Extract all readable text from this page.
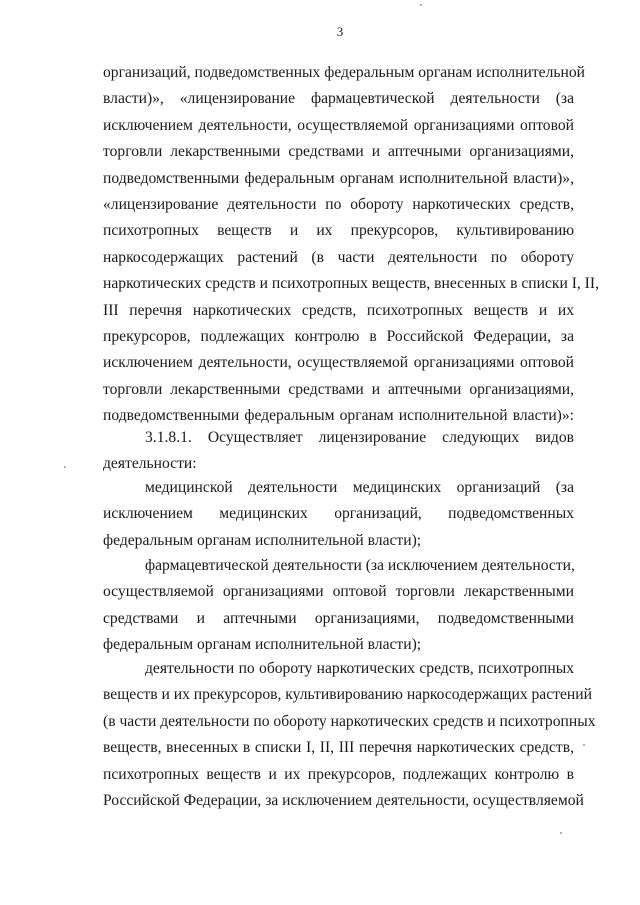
3
организаций, подведомственных федеральным органам исполнительной
власти)», «лицензирование фармацевтической деятельности (за
исключением деятельности, осуществляемой организациями оптовой
торговли лекарственными средствами и аптечными организациями,
подведомственными федеральным органам исполнительной власти)»,
«лицензирование деятельности по обороту наркотических средств,
психотропных веществ и их прекурсоров, культивированию
наркосодержащих растений (в части деятельности по обороту
наркотических средств и психотропных веществ, внесенных в списки I, II,
III перечня наркотических средств, психотропных веществ и их
прекурсоров, подлежащих контролю в Российской Федерации, за
исключением деятельности, осуществляемой организациями оптовой
торговли лекарственными средствами и аптечными организациями,
подведомственными федеральным органам исполнительной власти)»:
3.1.8.1. Осуществляет лицензирование следующих видов
деятельности:
медицинской деятельности медицинских организаций (за
исключением медицинских организаций, подведомственных
федеральным органам исполнительной власти);
фармацевтической деятельности (за исключением деятельности,
осуществляемой организациями оптовой торговли лекарственными
средствами и аптечными организациями, подведомственными
федеральным органам исполнительной власти);
деятельности по обороту наркотических средств, психотропных
веществ и их прекурсоров, культивированию наркосодержащих растений
(в части деятельности по обороту наркотических средств и психотропных
веществ, внесенных в списки I, II, III перечня наркотических средств,
психотропных веществ и их прекурсоров, подлежащих контролю в
Российской Федерации, за исключением деятельности, осуществляемой
